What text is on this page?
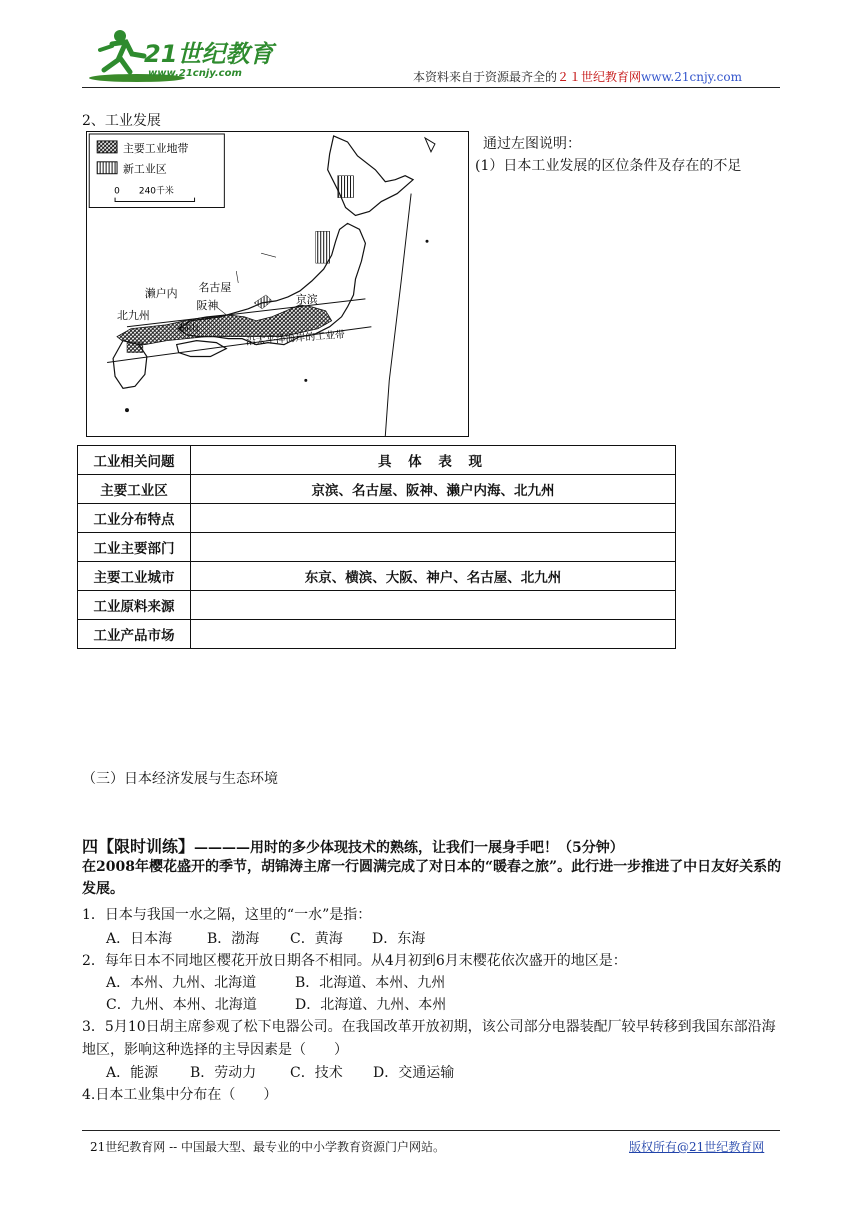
21世纪教育
www.21cnjy.com	本资料来自于资源最齐全的２１世纪教育网www.21cnjy.com
2、工业发展
主要工业地带
新工业区
0 240千米
濑户内 名古屋
阪神	京滨
北九州
福山
沿太平洋海岸的工业带
通过左图说明：
(1）日本工业发展的区位条件及存在的不足
工业相关问题	具 体 表 现
主要工业区	京滨、名古屋、阪神、濑户内海、北九州
工业分布特点	
工业主要部门	
主要工业城市	东京、横滨、大阪、神户、名古屋、北九州
工业原料来源	
工业产品市场	
（三）日本经济发展与生态环境
四【限时训练】————用时的多少体现技术的熟练，让我们一展身手吧！（5分钟）
在2008年樱花盛开的季节，胡锦涛主席一行圆满完成了对日本的“暖春之旅”。此行进一步推进了中日友好关系的发展。
1．日本与我国一水之隔，这里的“一水”是指：
A．日本海 B．渤海 C．黄海 D．东海
2．每年日本不同地区樱花开放日期各不相同。从4月初到6月末樱花依次盛开的地区是：
A．本州、九州、北海道	B．北海道、本州、九州
C．九州、本州、北海道	D．北海道、九州、本州
3．5月10日胡主席参观了松下电器公司。在我国改革开放初期，该公司部分电器装配厂较早转移到我国东部沿海地区，影响这种选择的主导因素是（　　）
A．能源 B．劳动力 C．技术 D．交通运输
4.日本工业集中分布在（　　）
21世纪教育网 -- 中国最大型、最专业的中小学教育资源门户网站。	版权所有@21世纪教育网
